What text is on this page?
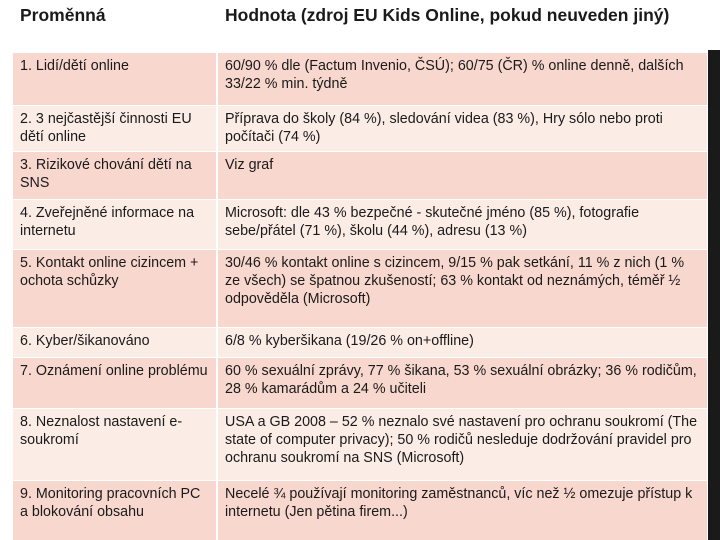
Proměnná	Hodnota (zdroj EU Kids Online, pokud neuveden jiný)
1. Lidí/dětí online	60/90 % dle (Factum Invenio, ČSÚ); 60/75 (ČR) % online denně, dalších 33/22 % min. týdně
2. 3 nejčastější činnosti EU dětí online	Příprava do školy (84 %), sledování videa (83 %), Hry sólo nebo proti počítači (74 %)
3. Rizikové chování dětí na SNS	Viz graf
4. Zveřejněné informace na internetu	Microsoft: dle 43 % bezpečné - skutečné jméno (85 %), fotografie sebe/přátel (71 %), školu (44 %), adresu (13 %)
5. Kontakt online cizincem + ochota schůzky	30/46 % kontakt online s cizincem, 9/15 % pak setkání, 11 % z nich (1 % ze všech) se špatnou zkušeností; 63 % kontakt od neznámých, téměř ½ odpověděla (Microsoft)
6. Kyber/šikanováno	6/8 % kyberšikana (19/26 % on+offline)
7. Oznámení online problému	60 % sexuální zprávy, 77 % šikana, 53 % sexuální obrázky; 36 % rodičům, 28 % kamarádům a 24 % učiteli
8. Neznalost nastavení e-soukromí	USA a GB 2008 – 52 % neznalo své nastavení pro ochranu soukromí (The state of computer privacy); 50 % rodičů nesleduje dodržování pravidel pro ochranu soukromí na SNS (Microsoft)
9. Monitoring pracovních PC a blokování obsahu	Necelé ¾ používají monitoring zaměstnanců, víc než ½ omezuje přístup k internetu (Jen pětina firem...)
